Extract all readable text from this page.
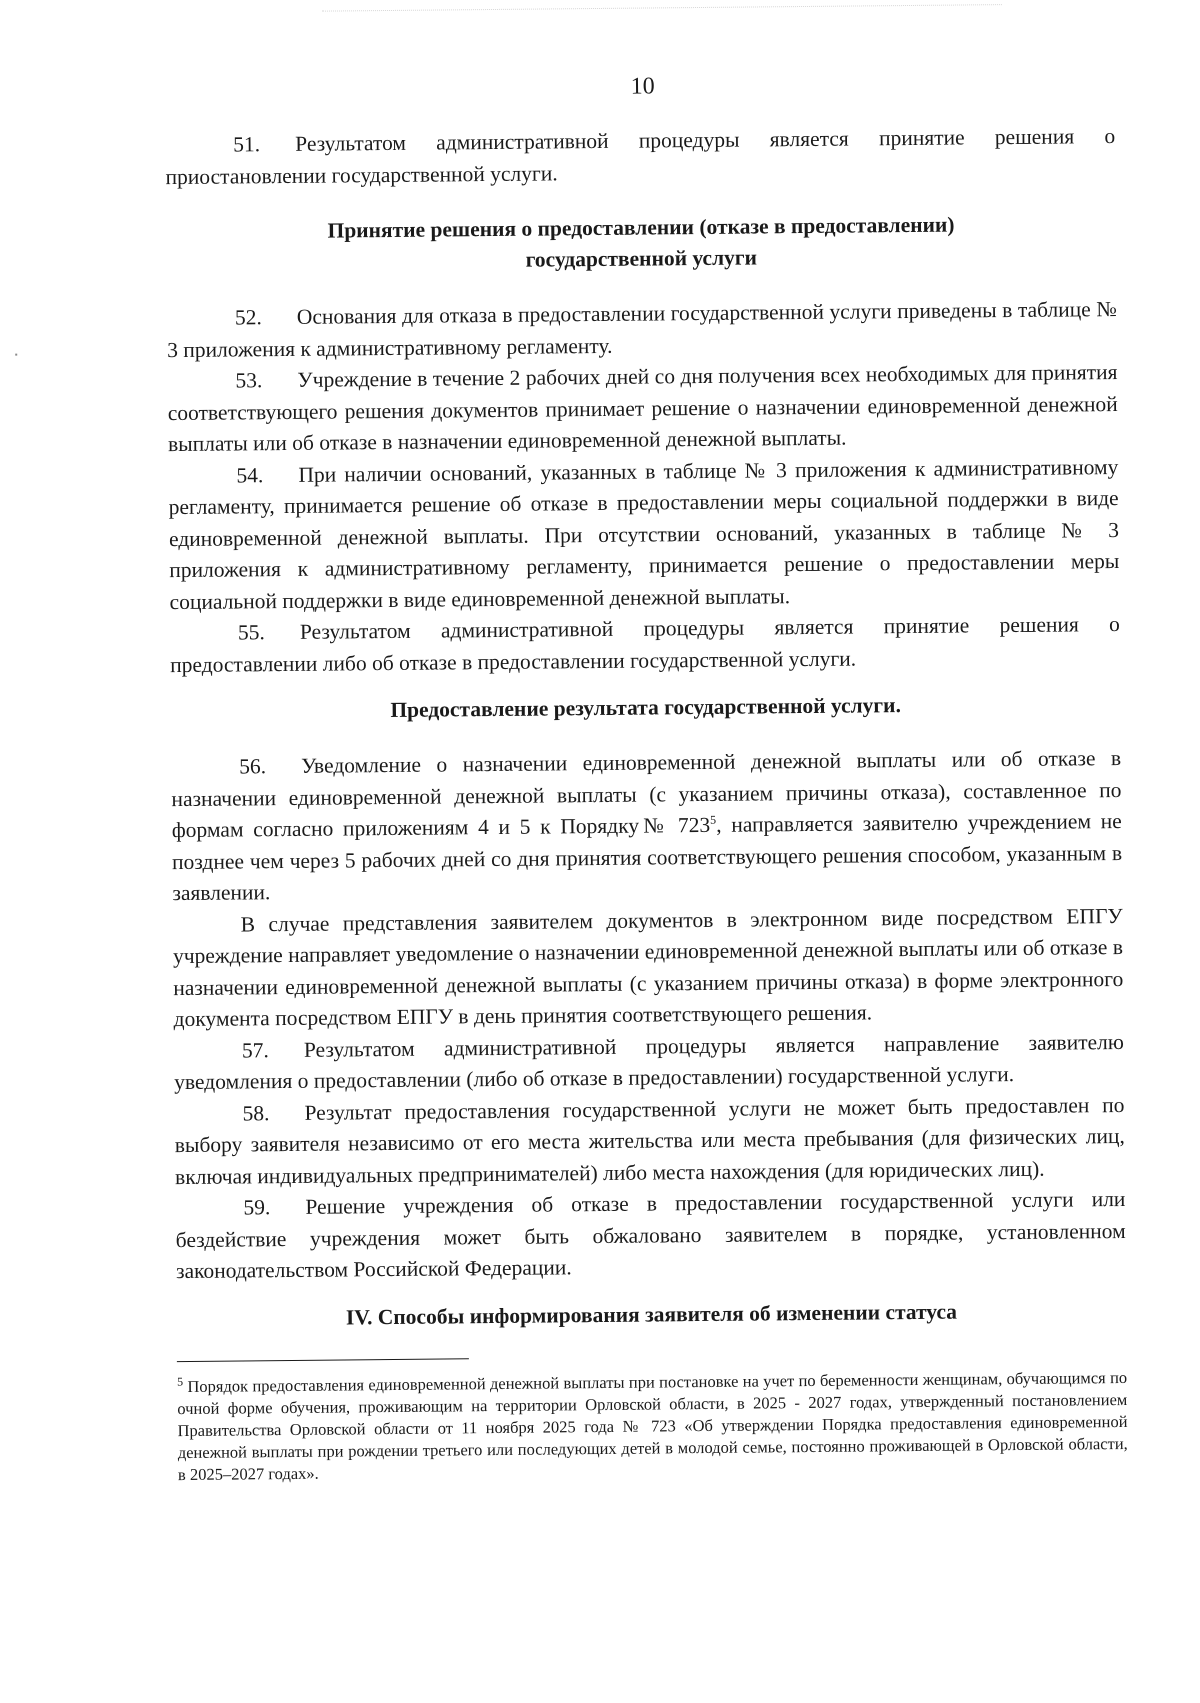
10

51. Результатом административной процедуры является принятие решения о приостановлении государственной услуги.

Принятие решения о предоставлении (отказе в предоставлении)
государственной услуги

52. Основания для отказа в предоставлении государственной услуги приведены в таблице № 3 приложения к административному регламенту.

53. Учреждение в течение 2 рабочих дней со дня получения всех необходимых для принятия соответствующего решения документов принимает решение о назначении единовременной денежной выплаты или об отказе в назначении единовременной денежной выплаты.

54. При наличии оснований, указанных в таблице № 3 приложения к административному регламенту, принимается решение об отказе в предоставлении меры социальной поддержки в виде единовременной денежной выплаты. При отсутствии оснований, указанных в таблице № 3 приложения к административному регламенту, принимается решение о предоставлении меры социальной поддержки в виде единовременной денежной выплаты.

55. Результатом административной процедуры является принятие решения о предоставлении либо об отказе в предоставлении государственной услуги.

Предоставление результата государственной услуги.

56. Уведомление о назначении единовременной денежной выплаты или об отказе в назначении единовременной денежной выплаты (с указанием причины отказа), составленное по формам согласно приложениям 4 и 5 к Порядку№ $723^5$, направляется заявителю учреждением не позднее чем через 5 рабочих дней со дня принятия соответствующего решения способом, указанным в заявлении.

В случае представления заявителем документов в электронном виде посредством ЕПГУ учреждение направляет уведомление о назначении единовременной денежной выплаты или об отказе в назначении единовременной денежной выплаты (с указанием причины отказа) в форме электронного документа посредством ЕПГУ в день принятия соответствующего решения.

57. Результатом административной процедуры является направление заявителю уведомления о предоставлении (либо об отказе в предоставлении) государственной услуги.

58. Результат предоставления государственной услуги не может быть предоставлен по выбору заявителя независимо от его места жительства или места пребывания (для физических лиц, включая индивидуальных предпринимателей) либо места нахождения (для юридических лиц).

59. Решение учреждения об отказе в предоставлении государственной услуги или бездействие учреждения может быть обжаловано заявителем в порядке, установленном законодательством Российской Федерации.

IV. Способы информирования заявителя об изменении статуса

$^5$ Порядок предоставления единовременной денежной выплаты при постановке на учет по беременности женщинам, обучающимся по очной форме обучения, проживающим на территории Орловской области, в 2025 - 2027 годах, утвержденный постановлением Правительства Орловской области от 11 ноября 2025 года № 723 «Об утверждении Порядка предоставления единовременной денежной выплаты при рождении третьего или последующих детей в молодой семье, постоянно проживающей в Орловской области, в 2025–2027 годах».
